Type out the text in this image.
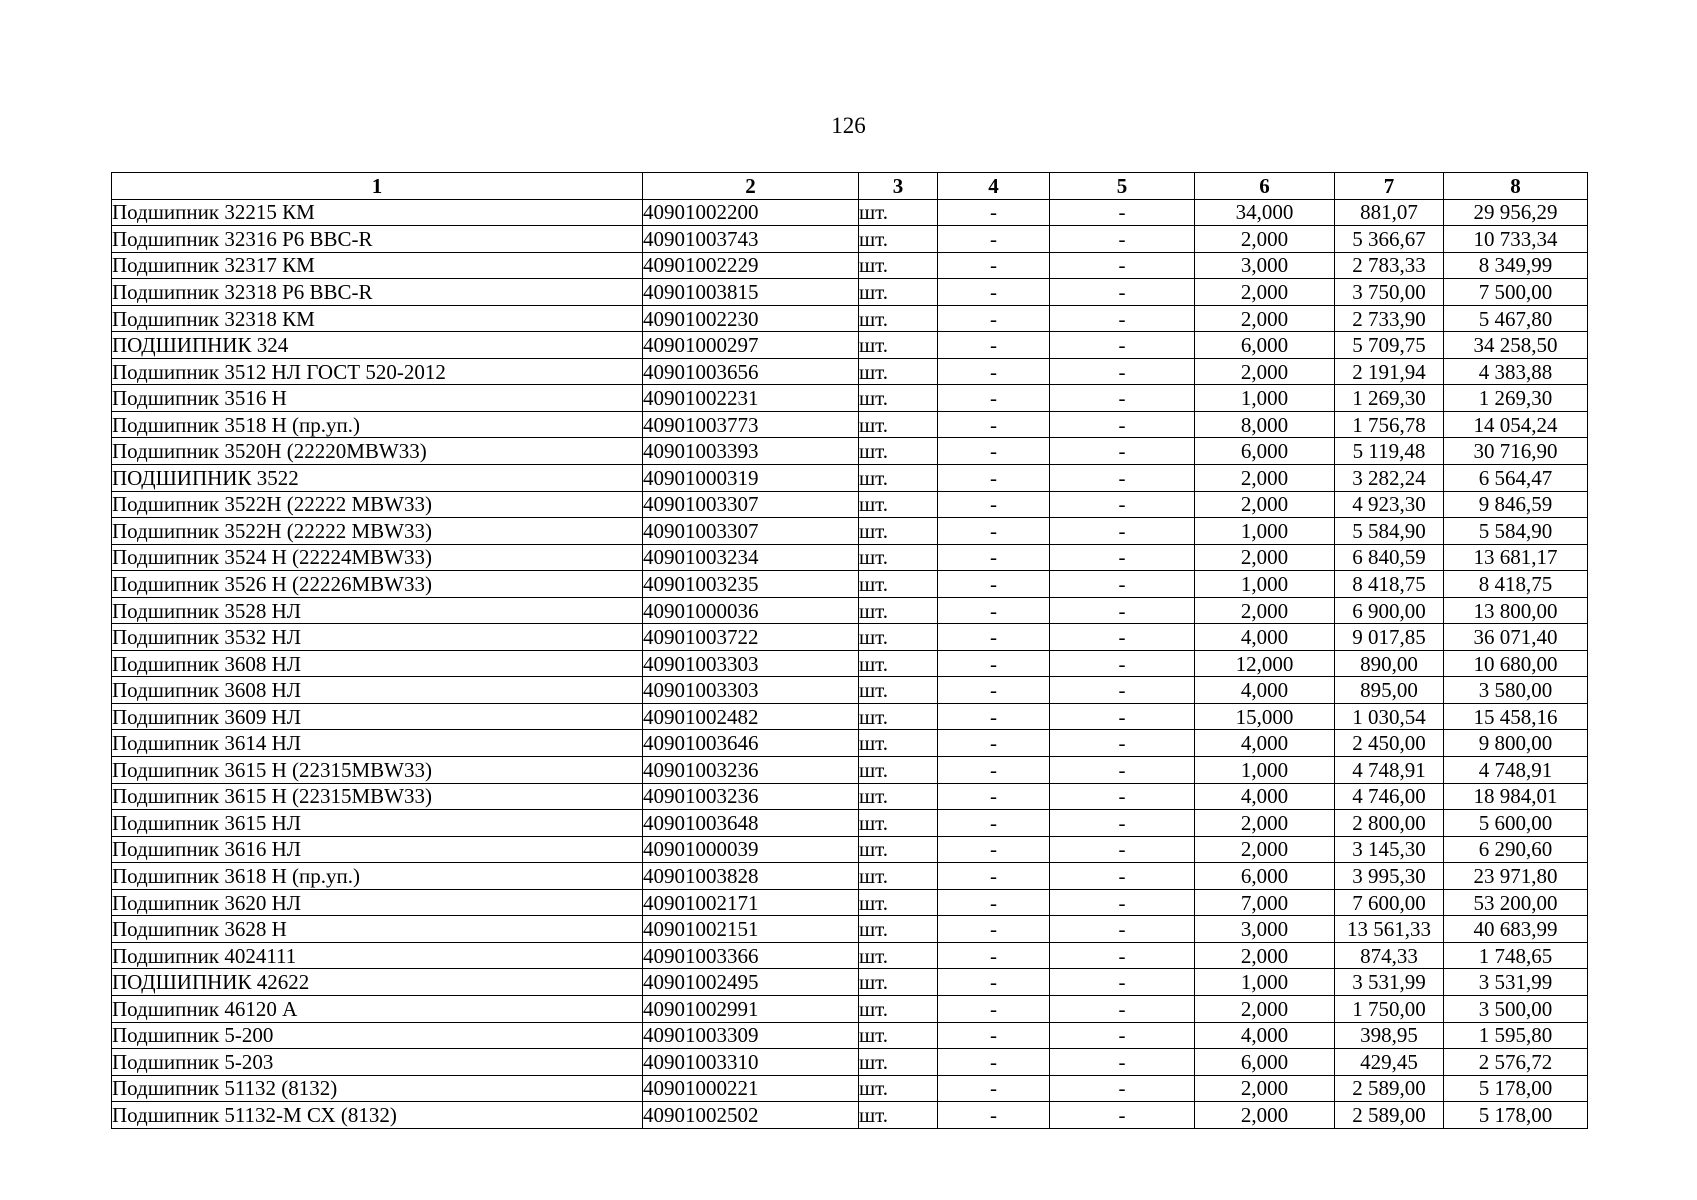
126
1	2	3	4	5	6	7	8
Подшипник 32215 КМ	40901002200	шт.	-	-	34,000	881,07	29 956,29
Подшипник 32316 Р6 ВВС-R	40901003743	шт.	-	-	2,000	5 366,67	10 733,34
Подшипник 32317 КМ	40901002229	шт.	-	-	3,000	2 783,33	8 349,99
Подшипник 32318 Р6 ВВС-R	40901003815	шт.	-	-	2,000	3 750,00	7 500,00
Подшипник 32318 КМ	40901002230	шт.	-	-	2,000	2 733,90	5 467,80
ПОДШИПНИК 324	40901000297	шт.	-	-	6,000	5 709,75	34 258,50
Подшипник 3512 НЛ ГОСТ 520-2012	40901003656	шт.	-	-	2,000	2 191,94	4 383,88
Подшипник 3516 Н	40901002231	шт.	-	-	1,000	1 269,30	1 269,30
Подшипник 3518 Н (пр.уп.)	40901003773	шт.	-	-	8,000	1 756,78	14 054,24
Подшипник 3520Н (22220MBW33)	40901003393	шт.	-	-	6,000	5 119,48	30 716,90
ПОДШИПНИК 3522	40901000319	шт.	-	-	2,000	3 282,24	6 564,47
Подшипник 3522Н (22222 MBW33)	40901003307	шт.	-	-	2,000	4 923,30	9 846,59
Подшипник 3522Н (22222 MBW33)	40901003307	шт.	-	-	1,000	5 584,90	5 584,90
Подшипник 3524 Н (22224MBW33)	40901003234	шт.	-	-	2,000	6 840,59	13 681,17
Подшипник 3526 Н (22226MBW33)	40901003235	шт.	-	-	1,000	8 418,75	8 418,75
Подшипник 3528 НЛ	40901000036	шт.	-	-	2,000	6 900,00	13 800,00
Подшипник 3532 НЛ	40901003722	шт.	-	-	4,000	9 017,85	36 071,40
Подшипник 3608 НЛ	40901003303	шт.	-	-	12,000	890,00	10 680,00
Подшипник 3608 НЛ	40901003303	шт.	-	-	4,000	895,00	3 580,00
Подшипник 3609 НЛ	40901002482	шт.	-	-	15,000	1 030,54	15 458,16
Подшипник 3614 НЛ	40901003646	шт.	-	-	4,000	2 450,00	9 800,00
Подшипник 3615 Н (22315MBW33)	40901003236	шт.	-	-	1,000	4 748,91	4 748,91
Подшипник 3615 Н (22315MBW33)	40901003236	шт.	-	-	4,000	4 746,00	18 984,01
Подшипник 3615 НЛ	40901003648	шт.	-	-	2,000	2 800,00	5 600,00
Подшипник 3616 НЛ	40901000039	шт.	-	-	2,000	3 145,30	6 290,60
Подшипник 3618 Н (пр.уп.)	40901003828	шт.	-	-	6,000	3 995,30	23 971,80
Подшипник 3620 НЛ	40901002171	шт.	-	-	7,000	7 600,00	53 200,00
Подшипник 3628 Н	40901002151	шт.	-	-	3,000	13 561,33	40 683,99
Подшипник 4024111	40901003366	шт.	-	-	2,000	874,33	1 748,65
ПОДШИПНИК 42622	40901002495	шт.	-	-	1,000	3 531,99	3 531,99
Подшипник 46120 А	40901002991	шт.	-	-	2,000	1 750,00	3 500,00
Подшипник 5-200	40901003309	шт.	-	-	4,000	398,95	1 595,80
Подшипник 5-203	40901003310	шт.	-	-	6,000	429,45	2 576,72
Подшипник 51132 (8132)	40901000221	шт.	-	-	2,000	2 589,00	5 178,00
Подшипник 51132-М СХ (8132)	40901002502	шт.	-	-	2,000	2 589,00	5 178,00
